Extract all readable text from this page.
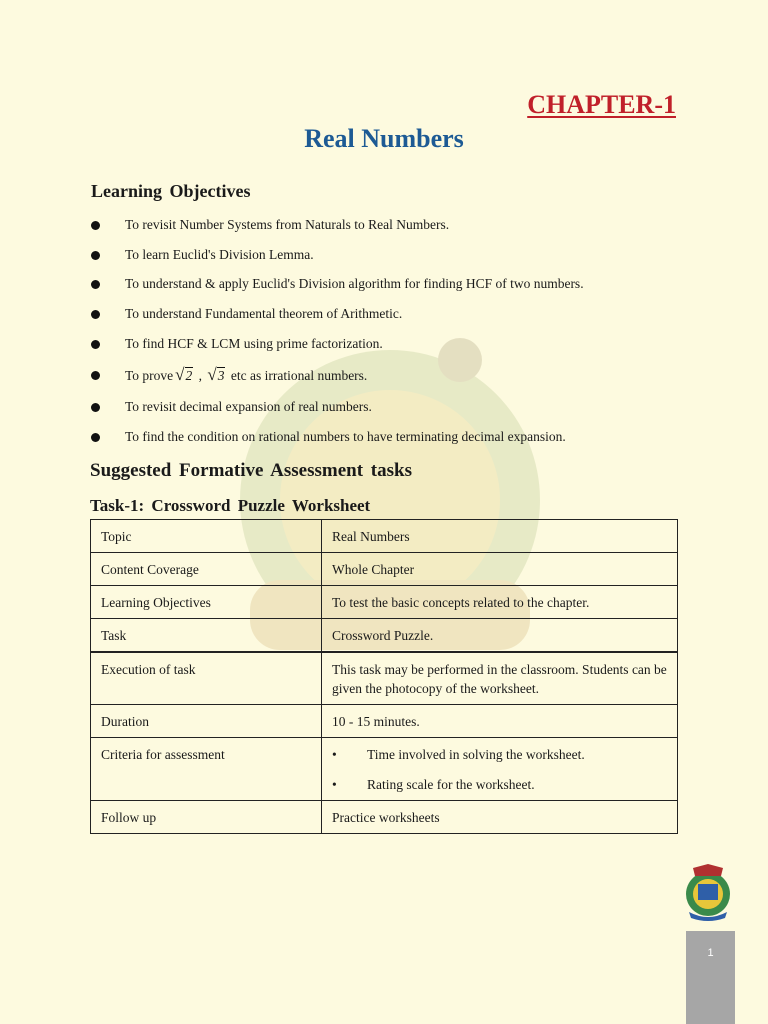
CHAPTER-1
Real Numbers
Learning Objectives
To revisit Number Systems from Naturals to Real Numbers.
To learn Euclid's Division Lemma.
To understand & apply Euclid's Division algorithm for finding HCF of two numbers.
To understand Fundamental theorem of Arithmetic.
To find HCF & LCM using prime factorization.
To prove √2 , √3 etc as irrational numbers.
To revisit decimal expansion of real numbers.
To find the condition on rational numbers to have terminating decimal expansion.
Suggested Formative Assessment tasks
Task-1: Crossword Puzzle Worksheet
Topic	Real Numbers
Content Coverage	Whole Chapter
Learning Objectives	To test the basic concepts related to the chapter.
Task	Crossword Puzzle.
Execution of task	This task may be performed in the classroom. Students can be given the photocopy of the worksheet.
Duration	10 - 15 minutes.
Criteria for assessment	• Time involved in solving the worksheet.
• Rating scale for the worksheet.

Follow up	Practice worksheets
1
